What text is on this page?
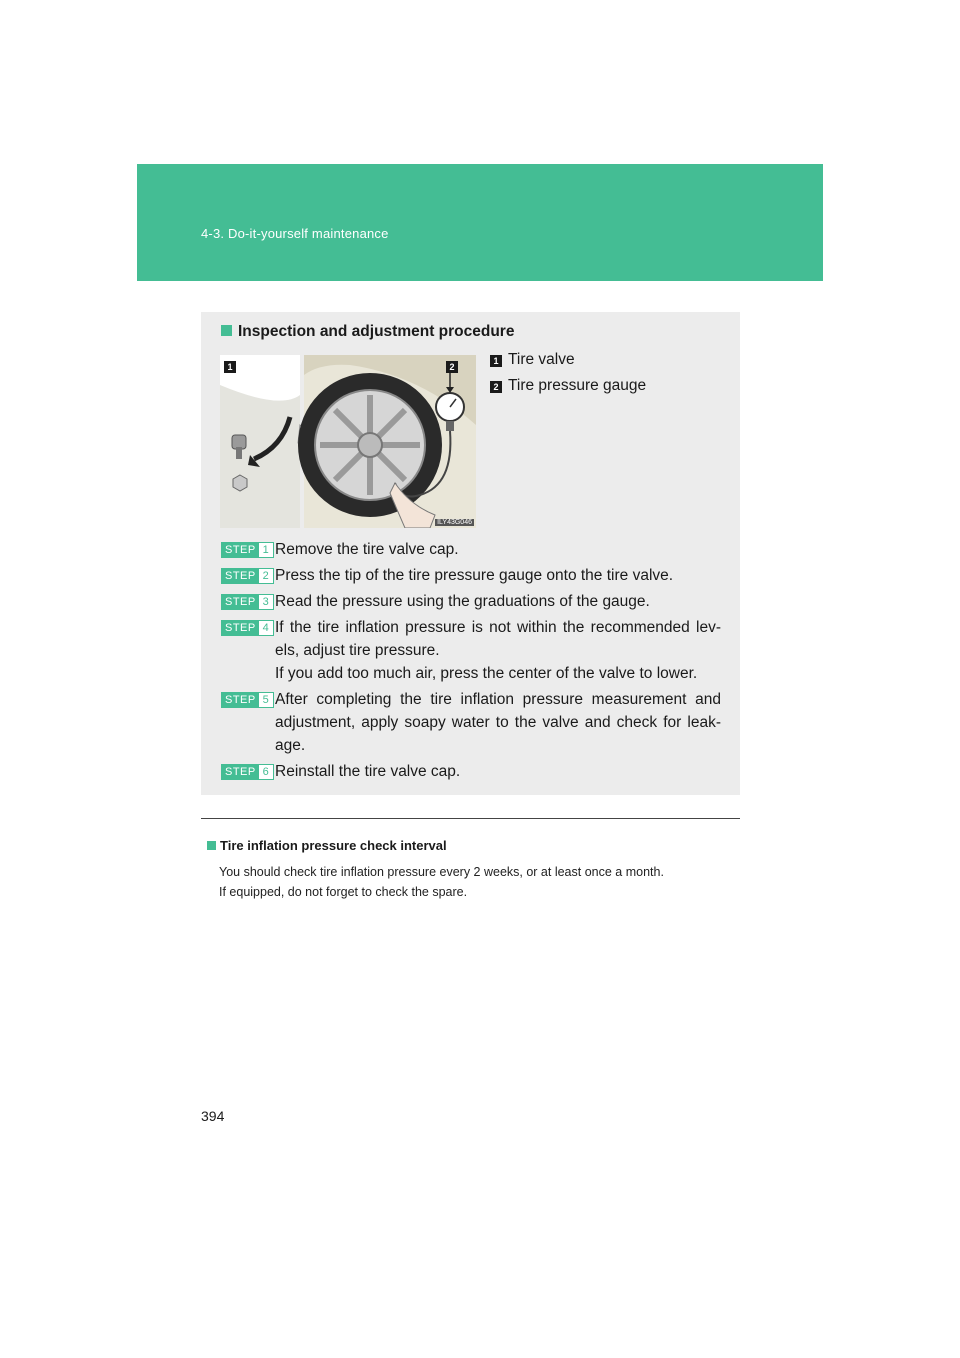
4-3. Do-it-yourself maintenance
Inspection and adjustment procedure
1	2
ILY43G046
1 Tire valve
2 Tire pressure gauge
STEP 1 Remove the tire valve cap.
STEP 2 Press the tip of the tire pressure gauge onto the tire valve.
STEP 3 Read the pressure using the graduations of the gauge.
STEP 4 If the tire inflation pressure is not within the recommended lev-els, adjust tire pressure.
If you add too much air, press the center of the valve to lower.
STEP 5 After completing the tire inflation pressure measurement and adjustment, apply soapy water to the valve and check for leak-age.
STEP 6 Reinstall the tire valve cap.
Tire inflation pressure check interval
You should check tire inflation pressure every 2 weeks, or at least once a month.
If equipped, do not forget to check the spare.
394
